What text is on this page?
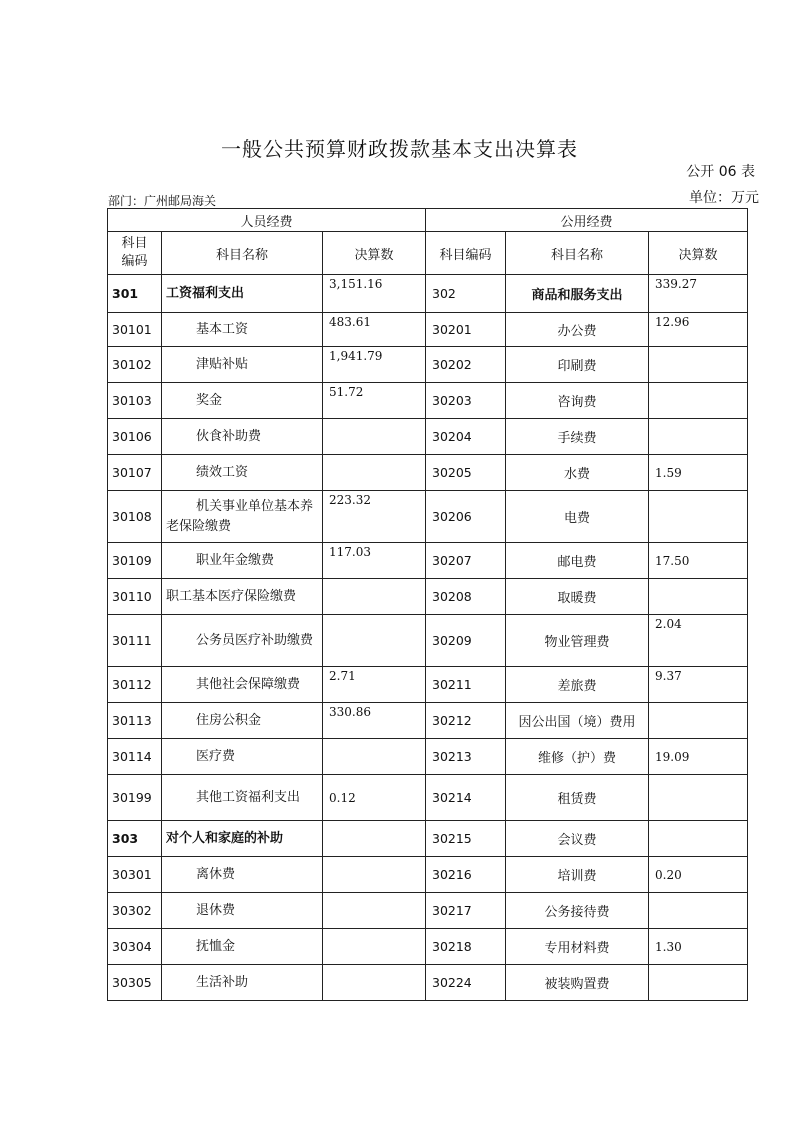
一般公共预算财政拨款基本支出决算表
公开 06 表
部门：广州邮局海关	单位：万元
人员经费			公用经费		

科目编码	科目名称	决算数	科目编码	科目名称	决算数
301	工资福利支出	3,151.16	302	商品和服务支出	339.27
30101	基本工资	483.61	30201	办公费	12.96
30102	津贴补贴	1,941.79	30202	印刷费	
30103	奖金	51.72	30203	咨询费	
30106	伙食补助费		30204	手续费	
30107	绩效工资		30205	水费	1.59
30108	机关事业单位基本养老保险缴费	223.32	30206	电费	
30109	职业年金缴费	117.03	30207	邮电费	17.50
30110	职工基本医疗保险缴费		30208	取暖费	
30111	公务员医疗补助缴费		30209	物业管理费	2.04
30112	其他社会保障缴费	2.71	30211	差旅费	9.37
30113	住房公积金	330.86	30212	因公出国（境）费用	
30114	医疗费		30213	维修（护）费	19.09
30199	其他工资福利支出	0.12	30214	租赁费	
303	对个人和家庭的补助		30215	会议费	
30301	离休费		30216	培训费	0.20
30302	退休费		30217	公务接待费	
30304	抚恤金		30218	专用材料费	1.30
30305	生活补助		30224	被装购置费	
